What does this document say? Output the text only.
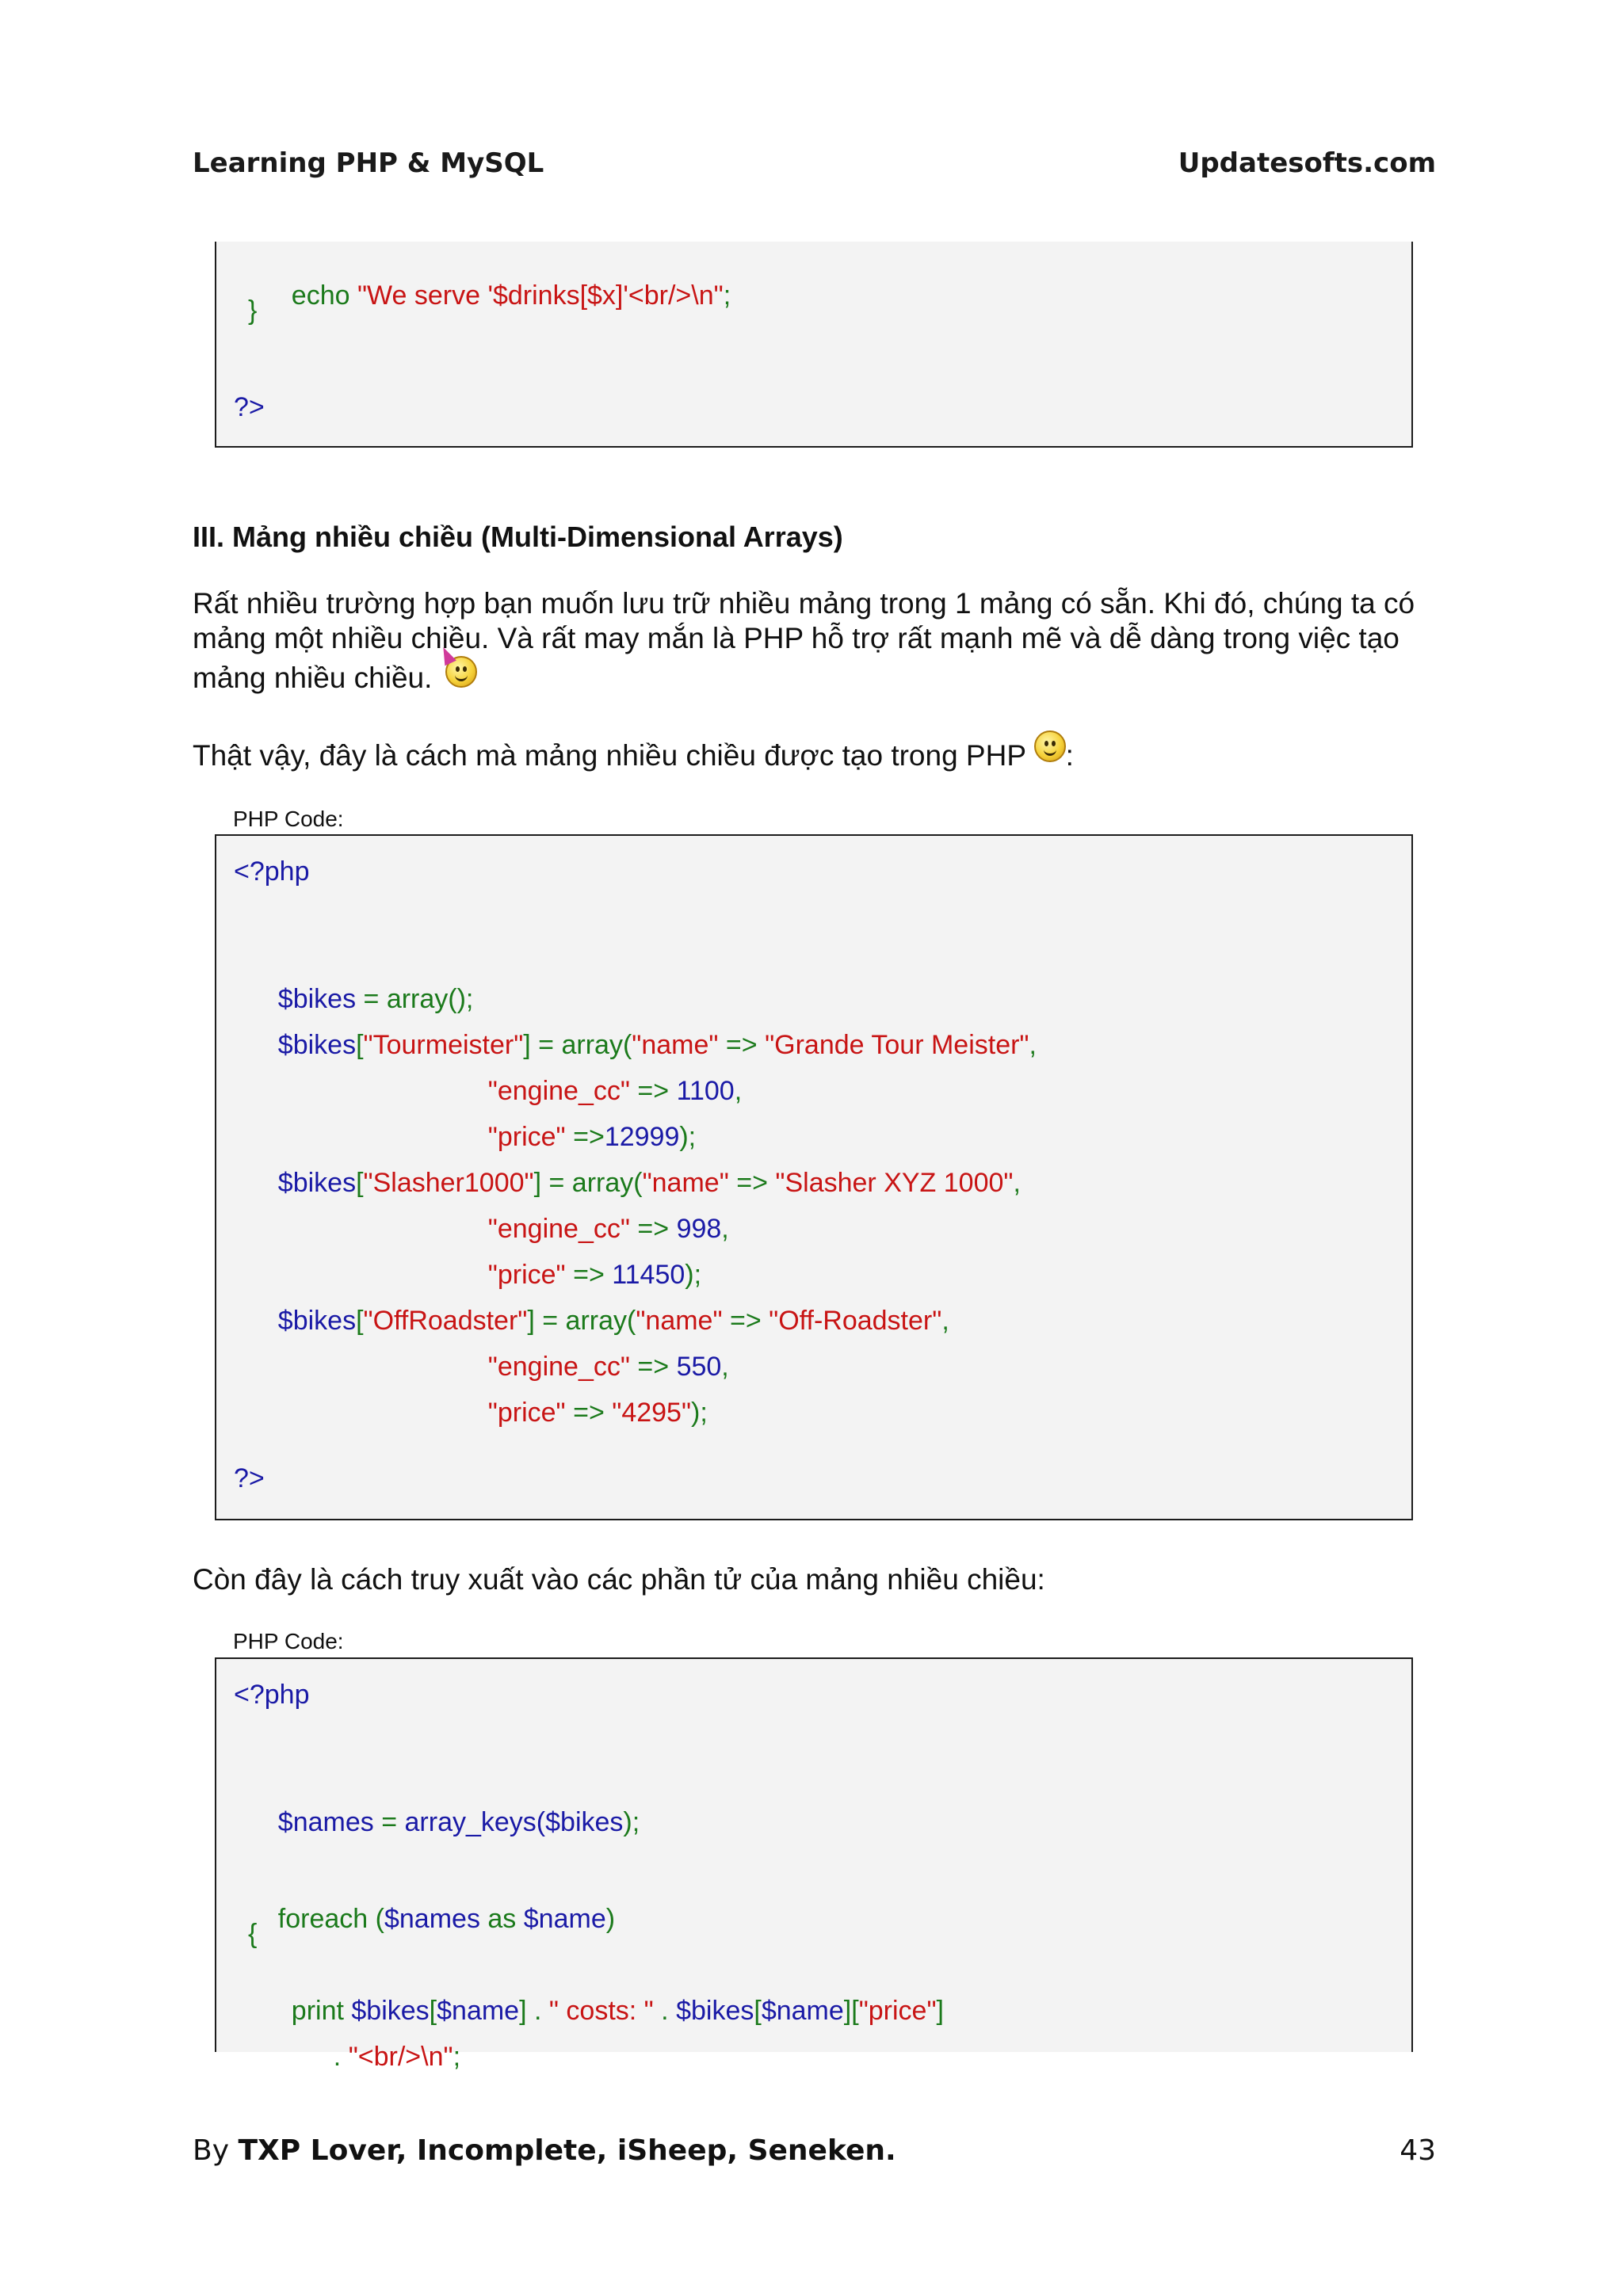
Learning PHP & MySQL	Updatesofts.com

echo "We serve '$drinks[$x]'<br/>\n";

}
?>
III. Mảng nhiều chiều (Multi-Dimensional Arrays)
Rất nhiều trường hợp bạn muốn lưu trữ nhiều mảng trong 1 mảng có sẵn. Khi đó, chúng ta có
mảng một nhiều chiều. Và rất may mắn là PHP hỗ trợ rất mạnh mẽ và dễ dàng trong việc tạo
mảng nhiều chiều.
Thật vậy, đây là cách mà mảng nhiều chiều được tạo trong PHP :
PHP Code:
<?php

$bikes = array();

$bikes["Tourmeister"] = array("name" => "Grande Tour Meister",

"engine_cc" => 1100,

"price" =>12999);

$bikes["Slasher1000"] = array("name" => "Slasher XYZ 1000",

"engine_cc" => 998,

"price" => 11450);

$bikes["OffRoadster"] = array("name" => "Off-Roadster",

"engine_cc" => 550,

"price" => "4295");

?>
Còn đây là cách truy xuất vào các phần tử của mảng nhiều chiều:
PHP Code:
<?php

$names = array_keys($bikes);

foreach ($names as $name)

{

print $bikes[$name] . " costs: " . $bikes[$name]["price"]

. "<br/>\n";

By TXP Lover, Incomplete, iSheep, Seneken.	43
